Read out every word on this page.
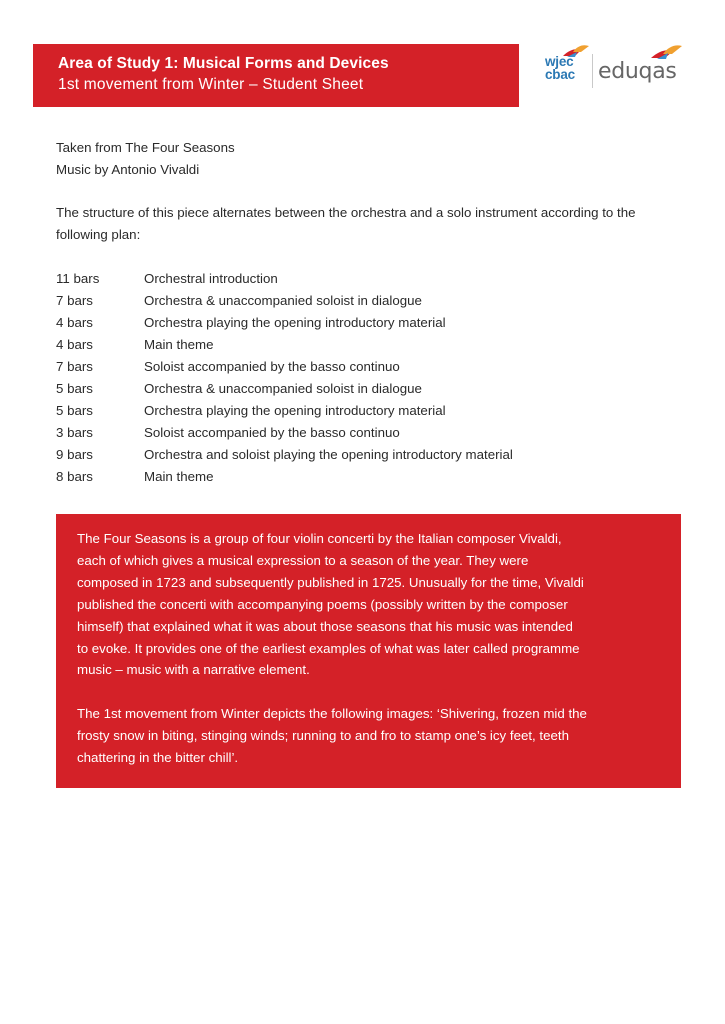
Area of Study 1: Musical Forms and Devices
1st movement from Winter – Student Sheet
wjec
cbac eduqas
Taken from The Four Seasons
Music by Antonio Vivaldi
The structure of this piece alternates between the orchestra and a solo instrument according to the following plan:
11 bars	Orchestral introduction
7 bars	Orchestra & unaccompanied soloist in dialogue
4 bars	Orchestra playing the opening introductory material
4 bars	Main theme
7 bars	Soloist accompanied by the basso continuo
5 bars	Orchestra & unaccompanied soloist in dialogue
5 bars	Orchestra playing the opening introductory material
3 bars	Soloist accompanied by the basso continuo
9 bars	Orchestra and soloist playing the opening introductory material
8 bars	Main theme
The Four Seasons is a group of four violin concerti by the Italian composer Vivaldi, each of which gives a musical expression to a season of the year. They were composed in 1723 and subsequently published in 1725. Unusually for the time, Vivaldi published the concerti with accompanying poems (possibly written by the composer himself) that explained what it was about those seasons that his music was intended to evoke. It provides one of the earliest examples of what was later called programme music – music with a narrative element.
The 1st movement from Winter depicts the following images: ‘Shivering, frozen mid the frosty snow in biting, stinging winds; running to and fro to stamp one’s icy feet, teeth chattering in the bitter chill’.
